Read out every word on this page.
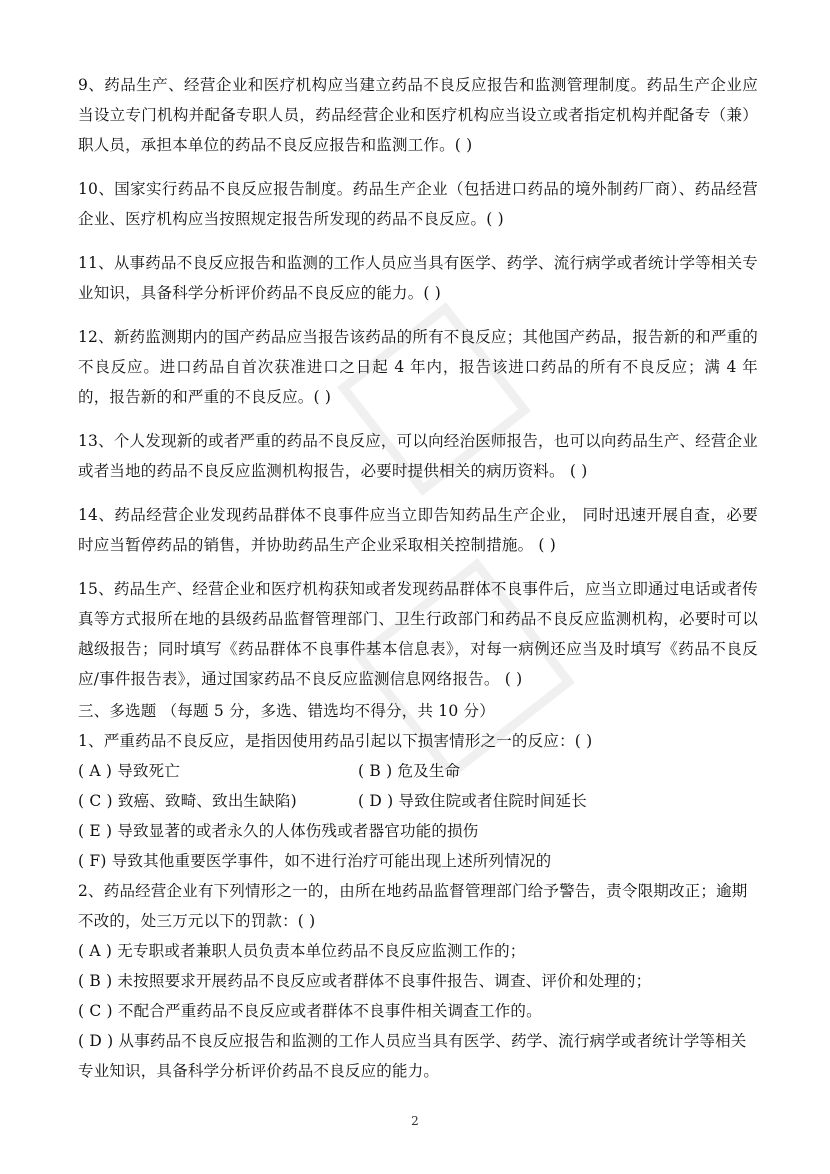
9、药品生产、经营企业和医疗机构应当建立药品不良反应报告和监测管理制度。药品生产企业应当设立专门机构并配备专职人员，药品经营企业和医疗机构应当设立或者指定机构并配备专（兼）职人员，承担本单位的药品不良反应报告和监测工作。( )
10、国家实行药品不良反应报告制度。药品生产企业（包括进口药品的境外制药厂商）、药品经营企业、医疗机构应当按照规定报告所发现的药品不良反应。( )
11、从事药品不良反应报告和监测的工作人员应当具有医学、药学、流行病学或者统计学等相关专业知识，具备科学分析评价药品不良反应的能力。( )
12、新药监测期内的国产药品应当报告该药品的所有不良反应；其他国产药品，报告新的和严重的不良反应。进口药品自首次获准进口之日起 4 年内，报告该进口药品的所有不良反应；满 4 年的，报告新的和严重的不良反应。( )
13、个人发现新的或者严重的药品不良反应，可以向经治医师报告，也可以向药品生产、经营企业或者当地的药品不良反应监测机构报告，必要时提供相关的病历资料。 ( )
14、药品经营企业发现药品群体不良事件应当立即告知药品生产企业， 同时迅速开展自查，必要时应当暂停药品的销售，并协助药品生产企业采取相关控制措施。 ( )
15、药品生产、经营企业和医疗机构获知或者发现药品群体不良事件后，应当立即通过电话或者传真等方式报所在地的县级药品监督管理部门、卫生行政部门和药品不良反应监测机构，必要时可以越级报告；同时填写《药品群体不良事件基本信息表》，对每一病例还应当及时填写《药品不良反应/事件报告表》，通过国家药品不良反应监测信息网络报告。 ( )
三、多选题 （每题 5 分，多选、错选均不得分，共 10 分）
1、严重药品不良反应，是指因使用药品引起以下损害情形之一的反应：( )
( A ) 导致死亡	( B ) 危及生命
( C ) 致癌、致畸、致出生缺陷)	( D ) 导致住院或者住院时间延长
( E ) 导致显著的或者永久的人体伤残或者器官功能的损伤
( F) 导致其他重要医学事件，如不进行治疗可能出现上述所列情况的
2、药品经营企业有下列情形之一的，由所在地药品监督管理部门给予警告，责令限期改正；逾期不改的，处三万元以下的罚款：( )
( A ) 无专职或者兼职人员负责本单位药品不良反应监测工作的；
( B ) 未按照要求开展药品不良反应或者群体不良事件报告、调查、评价和处理的；
( C ) 不配合严重药品不良反应或者群体不良事件相关调查工作的。
( D ) 从事药品不良反应报告和监测的工作人员应当具有医学、药学、流行病学或者统计学等相关专业知识，具备科学分析评价药品不良反应的能力。
2
